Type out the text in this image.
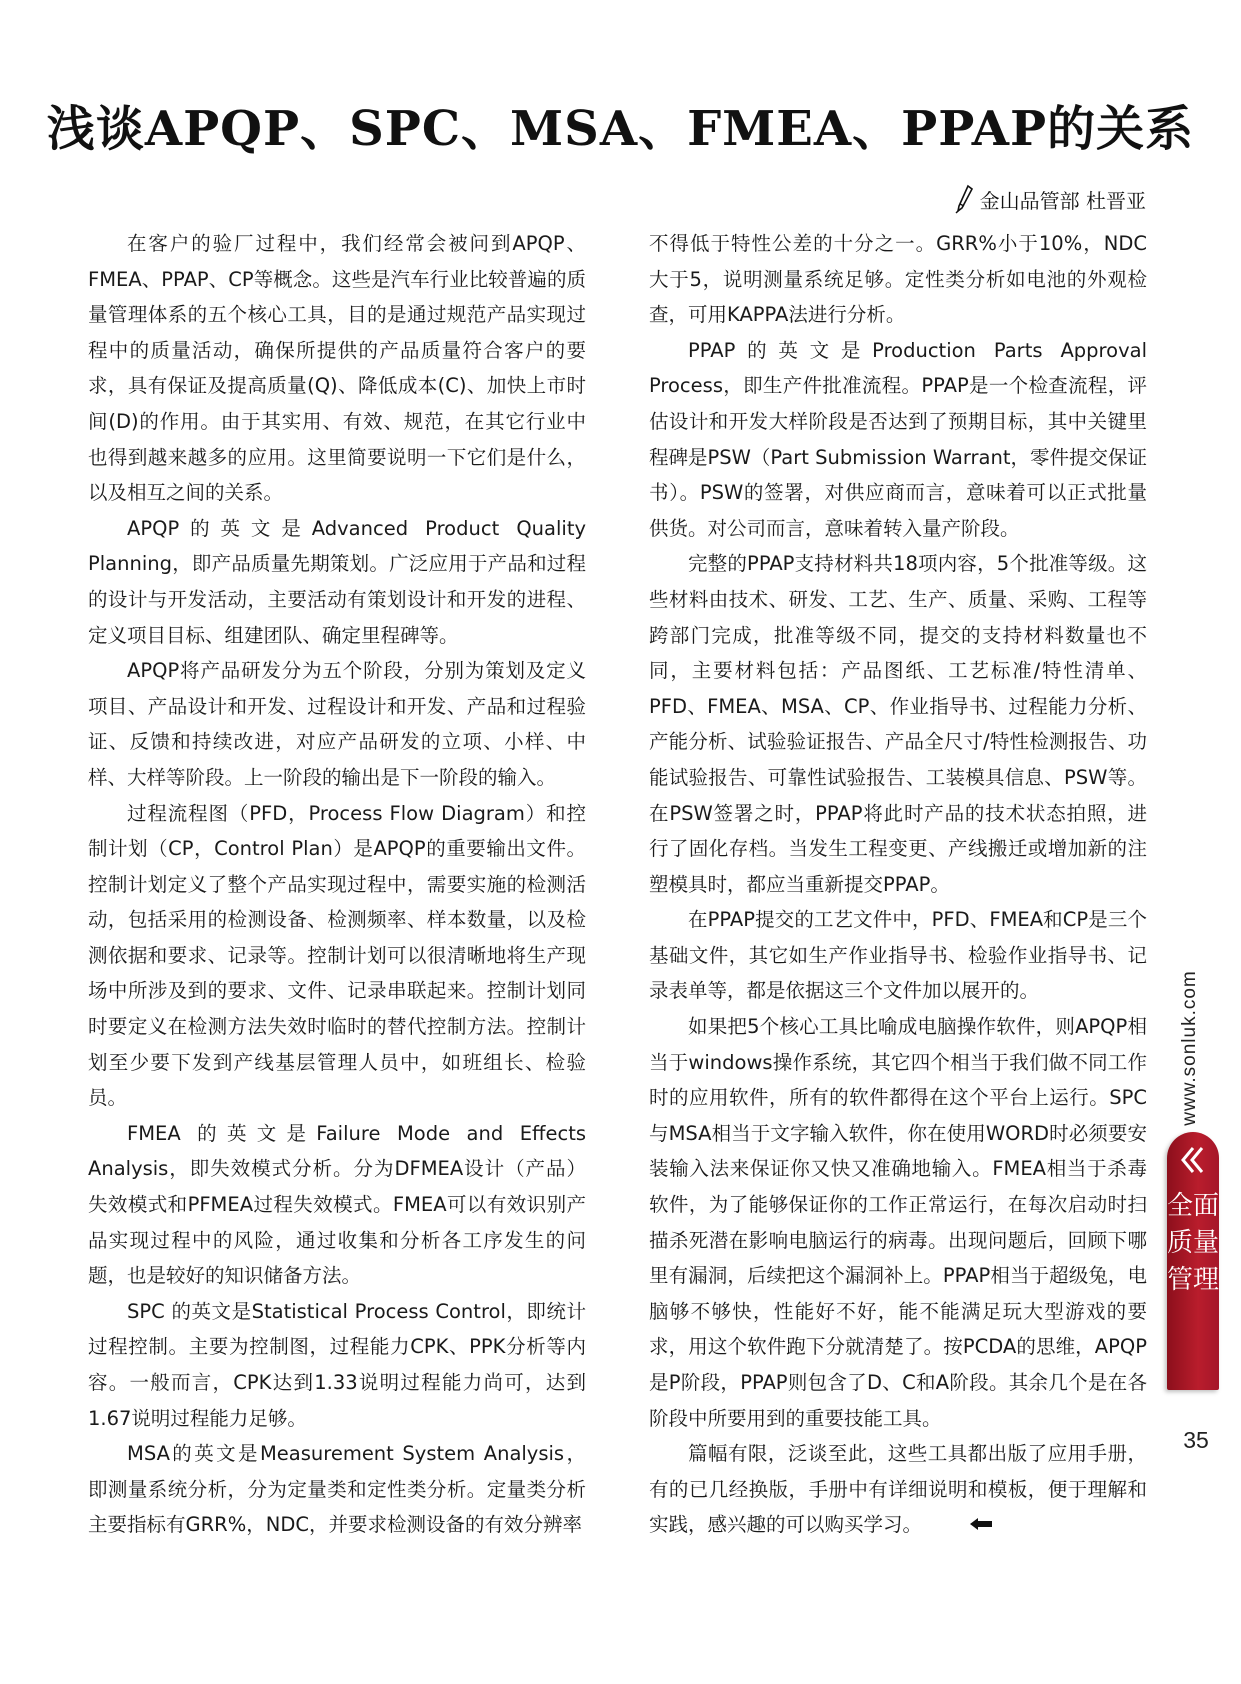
浅谈APQP、SPC、MSA、FMEA、PPAP的关系
金山品管部 杜晋亚

在客户的验厂过程中，我们经常会被问到APQP、FMEA、PPAP、CP等概念。这些是汽车行业比较普遍的质量管理体系的五个核心工具，目的是通过规范产品实现过程中的质量活动，确保所提供的产品质量符合客户的要求，具有保证及提高质量(Q)、降低成本(C)、加快上市时间(D)的作用。由于其实用、有效、规范，在其它行业中也得到越来越多的应用。这里简要说明一下它们是什么，以及相互之间的关系。

APQP的英文是Advanced Product Quality Planning，即产品质量先期策划。广泛应用于产品和过程的设计与开发活动，主要活动有策划设计和开发的进程、定义项目目标、组建团队、确定里程碑等。

APQP将产品研发分为五个阶段，分别为策划及定义项目、产品设计和开发、过程设计和开发、产品和过程验证、反馈和持续改进，对应产品研发的立项、小样、中样、大样等阶段。上一阶段的输出是下一阶段的输入。

过程流程图（PFD，Process Flow Diagram）和控制计划（CP，Control Plan）是APQP的重要输出文件。控制计划定义了整个产品实现过程中，需要实施的检测活动，包括采用的检测设备、检测频率、样本数量，以及检测依据和要求、记录等。控制计划可以很清晰地将生产现场中所涉及到的要求、文件、记录串联起来。控制计划同时要定义在检测方法失效时临时的替代控制方法。控制计划至少要下发到产线基层管理人员中，如班组长、检验员。

FMEA 的英文是Failure Mode and Effects Analysis，即失效模式分析。分为DFMEA设计（产品）失效模式和PFMEA过程失效模式。FMEA可以有效识别产品实现过程中的风险，通过收集和分析各工序发生的问题，也是较好的知识储备方法。

SPC 的英文是Statistical Process Control，即统计过程控制。主要为控制图，过程能力CPK、PPK分析等内容。一般而言，CPK达到1.33说明过程能力尚可，达到1.67说明过程能力足够。

MSA的英文是Measurement System Analysis，即测量系统分析，分为定量类和定性类分析。定量类分析主要指标有GRR%，NDC，并要求检测设备的有效分辨率

不得低于特性公差的十分之一。GRR%小于10%，NDC大于5，说明测量系统足够。定性类分析如电池的外观检查，可用KAPPA法进行分析。

PPAP的英文是Production Parts Approval Process，即生产件批准流程。PPAP是一个检查流程，评估设计和开发大样阶段是否达到了预期目标，其中关键里程碑是PSW（Part Submission Warrant，零件提交保证书）。PSW的签署，对供应商而言，意味着可以正式批量供货。对公司而言，意味着转入量产阶段。

完整的PPAP支持材料共18项内容，5个批准等级。这些材料由技术、研发、工艺、生产、质量、采购、工程等跨部门完成，批准等级不同，提交的支持材料数量也不同，主要材料包括：产品图纸、工艺标准/特性清单、PFD、FMEA、MSA、CP、作业指导书、过程能力分析、产能分析、试验验证报告、产品全尺寸/特性检测报告、功能试验报告、可靠性试验报告、工装模具信息、PSW等。在PSW签署之时，PPAP将此时产品的技术状态拍照，进行了固化存档。当发生工程变更、产线搬迁或增加新的注塑模具时，都应当重新提交PPAP。

在PPAP提交的工艺文件中，PFD、FMEA和CP是三个基础文件，其它如生产作业指导书、检验作业指导书、记录表单等，都是依据这三个文件加以展开的。

如果把5个核心工具比喻成电脑操作软件，则APQP相当于windows操作系统，其它四个相当于我们做不同工作时的应用软件，所有的软件都得在这个平台上运行。SPC与MSA相当于文字输入软件，你在使用WORD时必须要安装输入法来保证你又快又准确地输入。FMEA相当于杀毒软件，为了能够保证你的工作正常运行，在每次启动时扫描杀死潜在影响电脑运行的病毒。出现问题后，回顾下哪里有漏洞，后续把这个漏洞补上。PPAP相当于超级兔，电脑够不够快，性能好不好，能不能满足玩大型游戏的要求，用这个软件跑下分就清楚了。按PCDA的思维，APQP是P阶段，PPAP则包含了D、C和A阶段。其余几个是在各阶段中所要用到的重要技能工具。

篇幅有限，泛谈至此，这些工具都出版了应用手册，有的已几经换版，手册中有详细说明和模板，便于理解和实践，感兴趣的可以购买学习。

www.sonluk.com
全面质量管理
35
